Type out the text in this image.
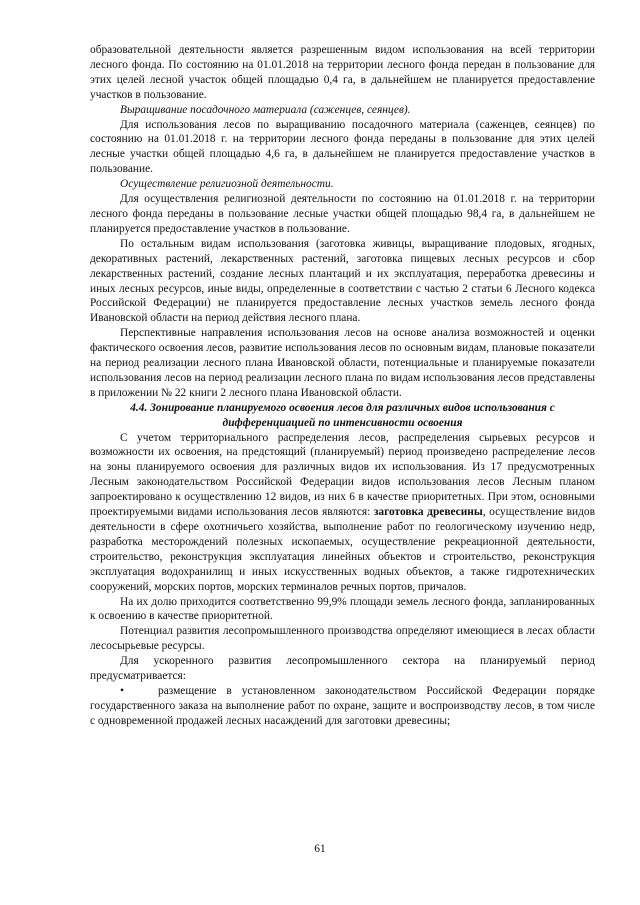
образовательной деятельности является разрешенным видом использования на всей территории лесного фонда. По состоянию на 01.01.2018 на территории лесного фонда передан в пользование для этих целей лесной участок общей площадью 0,4 га, в дальнейшем не планируется предоставление участков в пользование.

Выращивание посадочного материала (саженцев, сеянцев).

Для использования лесов по выращиванию посадочного материала (саженцев, сеянцев) по состоянию на 01.01.2018 г. на территории лесного фонда переданы в пользование для этих целей лесные участки общей площадью 4,6 га, в дальнейшем не планируется предоставление участков в пользование.

Осуществление религиозной деятельности.

Для осуществления религиозной деятельности по состоянию на 01.01.2018 г. на территории лесного фонда переданы в пользование лесные участки общей площадью 98,4 га, в дальнейшем не планируется предоставление участков в пользование.

По остальным видам использования (заготовка живицы, выращивание плодовых, ягодных, декоративных растений, лекарственных растений, заготовка пищевых лесных ресурсов и сбор лекарственных растений, создание лесных плантаций и их эксплуатация, переработка древесины и иных лесных ресурсов, иные виды, определенные в соответствии с частью 2 статьи 6 Лесного кодекса Российской Федерации) не планируется предоставление лесных участков земель лесного фонда Ивановской области на период действия лесного плана.

Перспективные направления использования лесов на основе анализа возможностей и оценки фактического освоения лесов, развитие использования лесов по основным видам, плановые показатели на период реализации лесного плана Ивановской области, потенциальные и планируемые показатели использования лесов на период реализации лесного плана по видам использования лесов представлены в приложении № 22 книги 2 лесного плана Ивановской области.

4.4. Зонирование планируемого освоения лесов для различных видов использования с дифференциацией по интенсивности освоения

С учетом территориального распределения лесов, распределения сырьевых ресурсов и возможности их освоения, на предстоящий (планируемый) период произведено распределение лесов на зоны планируемого освоения для различных видов их использования. Из 17 предусмотренных Лесным законодательством Российской Федерации видов использования лесов Лесным планом запроектировано к осуществлению 12 видов, из них 6 в качестве приоритетных. При этом, основными проектируемыми видами использования лесов являются: заготовка древесины, осуществление видов деятельности в сфере охотничьего хозяйства, выполнение работ по геологическому изучению недр, разработка месторождений полезных ископаемых, осуществление рекреационной деятельности, строительство, реконструкция эксплуатация линейных объектов и строительство, реконструкция эксплуатация водохранилищ и иных искусственных водных объектов, а также гидротехнических сооружений, морских портов, морских терминалов речных портов, причалов.

На их долю приходится соответственно 99,9% площади земель лесного фонда, запланированных к освоению в качестве приоритетной.

Потенциал развития лесопромышленного производства определяют имеющиеся в лесах области лесосырьевые ресурсы.

Для ускоренного развития лесопромышленного сектора на планируемый период предусматривается:

•	размещение в установленном законодательством Российской Федерации порядке государственного заказа на выполнение работ по охране, защите и воспроизводству лесов, в том числе с одновременной продажей лесных насаждений для заготовки древесины;

61
